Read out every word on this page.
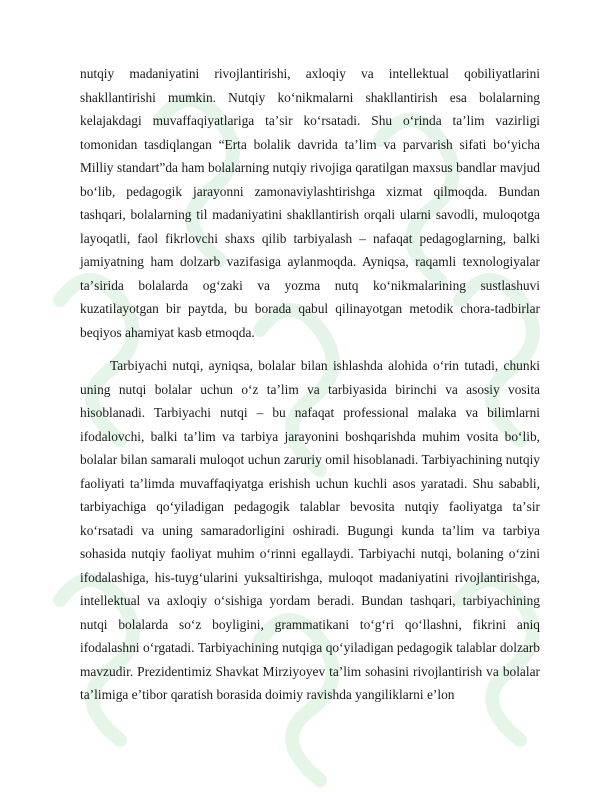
nutqiy madaniyatini rivojlantirishi, axloqiy va intellektual qobiliyatlarini shakllantirishi mumkin. Nutqiy koʻnikmalarni shakllantirish esa bolalarning kelajakdagi muvaffaqiyatlariga taʼsir koʻrsatadi. Shu oʻrinda taʼlim vazirligi tomonidan tasdiqlangan “Erta bolalik davrida taʼlim va parvarish sifati boʻyicha Milliy standart”da ham bolalarning nutqiy rivojiga qaratilgan maxsus bandlar mavjud boʻlib, pedagogik jarayonni zamonaviylashtirishga xizmat qilmoqda. Bundan tashqari, bolalarning til madaniyatini shakllantirish orqali ularni savodli, muloqotga layoqatli, faol fikrlovchi shaxs qilib tarbiyalash – nafaqat pedagoglarning, balki jamiyatning ham dolzarb vazifasiga aylanmoqda. Ayniqsa, raqamli texnologiyalar taʼsirida bolalarda ogʻzaki va yozma nutq koʻnikmalarining sustlashuvi kuzatilayotgan bir paytda, bu borada qabul qilinayotgan metodik chora-tadbirlar beqiyos ahamiyat kasb etmoqda.

Tarbiyachi nutqi, ayniqsa, bolalar bilan ishlashda alohida oʻrin tutadi, chunki uning nutqi bolalar uchun oʻz taʼlim va tarbiyasida birinchi va asosiy vosita hisoblanadi. Tarbiyachi nutqi – bu nafaqat professional malaka va bilimlarni ifodalovchi, balki taʼlim va tarbiya jarayonini boshqarishda muhim vosita boʻlib, bolalar bilan samarali muloqot uchun zaruriy omil hisoblanadi. Tarbiyachining nutqiy faoliyati taʼlimda muvaffaqiyatga erishish uchun kuchli asos yaratadi. Shu sababli, tarbiyachiga qoʻyiladigan pedagogik talablar bevosita nutqiy faoliyatga taʼsir koʻrsatadi va uning samaradorligini oshiradi. Bugungi kunda taʼlim va tarbiya sohasida nutqiy faoliyat muhim oʻrinni egallaydi. Tarbiyachi nutqi, bolaning oʻzini ifodalashiga, his-tuygʻularini yuksaltirishga, muloqot madaniyatini rivojlantirishga, intellektual va axloqiy oʻsishiga yordam beradi. Bundan tashqari, tarbiyachining nutqi bolalarda soʻz boyligini, grammatikani toʻgʻri qoʻllashni, fikrini aniq ifodalashni oʻrgatadi. Tarbiyachining nutqiga qoʻyiladigan pedagogik talablar dolzarb mavzudir. Prezidentimiz Shavkat Mirziyoyev taʼlim sohasini rivojlantirish va bolalar taʼlimiga eʼtibor qaratish borasida doimiy ravishda yangiliklarni eʼlon
